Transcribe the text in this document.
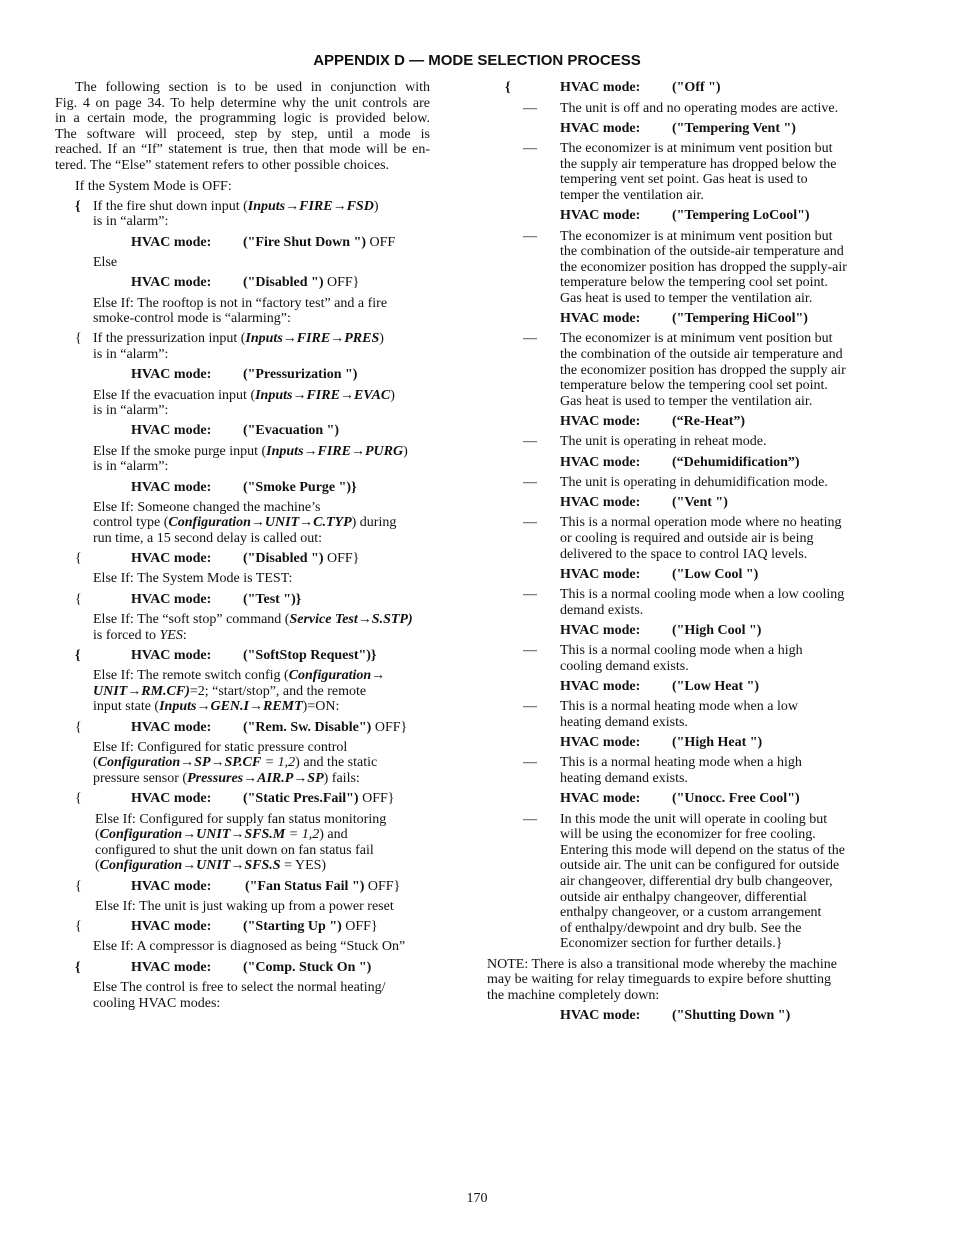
APPENDIX D — MODE SELECTION PROCESS
The following section is to be used in conjunction with
Fig. 4 on page 34. To help determine why the unit controls are
in a certain mode, the programming logic is provided below.
The software will proceed, step by step, until a mode is
reached. If an “If” statement is true, then that mode will be en-
tered. The “Else” statement refers to other possible choices.
If the System Mode is OFF:
{ If the fire shut down input (Inputs→FIRE→FSD)
is in “alarm”:
HVAC mode: ("Fire Shut Down ") OFF
Else
HVAC mode: ("Disabled ") OFF}
Else If: The rooftop is not in “factory test” and a fire
smoke-control mode is “alarming”:
{ If the pressurization input (Inputs→FIRE→PRES)
is in “alarm”:
HVAC mode: ("Pressurization ")
Else If the evacuation input (Inputs→FIRE→EVAC)
is in “alarm”:
HVAC mode: ("Evacuation ")
Else If the smoke purge input (Inputs→FIRE→PURG)
is in “alarm”:
HVAC mode: ("Smoke Purge ")}
Else If: Someone changed the machine’s
control type (Configuration→UNIT→C.TYP) during
run time, a 15 second delay is called out:
{	HVAC mode: ("Disabled ") OFF}
Else If: The System Mode is TEST:
{	HVAC mode: ("Test ")}
Else If: The “soft stop” command (Service Test→S.STP)
is forced to YES:
{	HVAC mode: ("SoftStop Request")}
Else If: The remote switch config (Configuration→
UNIT→RM.CF)=2; “start/stop”, and the remote
input state (Inputs→GEN.I→REMT)=ON:
{	HVAC mode: ("Rem. Sw. Disable") OFF}
Else If: Configured for static pressure control
(Configuration→SP→SP.CF = 1,2) and the static
pressure sensor (Pressures→AIR.P→SP) fails:
{	HVAC mode: ("Static Pres.Fail") OFF}
Else If: Configured for supply fan status monitoring
(Configuration→UNIT→SFS.M = 1,2) and
configured to shut the unit down on fan status fail
(Configuration→UNIT→SFS.S = YES)
{	HVAC mode: ("Fan Status Fail ") OFF}
Else If: The unit is just waking up from a power reset
{	HVAC mode: ("Starting Up ") OFF}
Else If: A compressor is diagnosed as being “Stuck On”
{	HVAC mode: ("Comp. Stuck On ")
Else The control is free to select the normal heating/
cooling HVAC modes:
{	HVAC mode: ("Off ")
— The unit is off and no operating modes are active.
HVAC mode: ("Tempering Vent ")
— The economizer is at minimum vent position but
the supply air temperature has dropped below the
tempering vent set point. Gas heat is used to
temper the ventilation air.
HVAC mode: ("Tempering LoCool")
— The economizer is at minimum vent position but
the combination of the outside-air temperature and
the economizer position has dropped the supply-air
temperature below the tempering cool set point.
Gas heat is used to temper the ventilation air.
HVAC mode: ("Tempering HiCool")
— The economizer is at minimum vent position but
the combination of the outside air temperature and
the economizer position has dropped the supply air
temperature below the tempering cool set point.
Gas heat is used to temper the ventilation air.
HVAC mode: (“Re-Heat”)
— The unit is operating in reheat mode.
HVAC mode: (“Dehumidification”)
— The unit is operating in dehumidification mode.
HVAC mode: ("Vent ")
— This is a normal operation mode where no heating
or cooling is required and outside air is being
delivered to the space to control IAQ levels.
HVAC mode: ("Low Cool ")
— This is a normal cooling mode when a low cooling
demand exists.
HVAC mode: ("High Cool ")
— This is a normal cooling mode when a high
cooling demand exists.
HVAC mode: ("Low Heat ")
— This is a normal heating mode when a low
heating demand exists.
HVAC mode: ("High Heat ")
— This is a normal heating mode when a high
heating demand exists.
HVAC mode: ("Unocc. Free Cool")
— In this mode the unit will operate in cooling but
will be using the economizer for free cooling.
Entering this mode will depend on the status of the
outside air. The unit can be configured for outside
air changeover, differential dry bulb changeover,
outside air enthalpy changeover, differential
enthalpy changeover, or a custom arrangement
of enthalpy/dewpoint and dry bulb. See the
Economizer section for further details.}
NOTE: There is also a transitional mode whereby the machine
may be waiting for relay timeguards to expire before shutting
the machine completely down:
HVAC mode: ("Shutting Down ")
170
